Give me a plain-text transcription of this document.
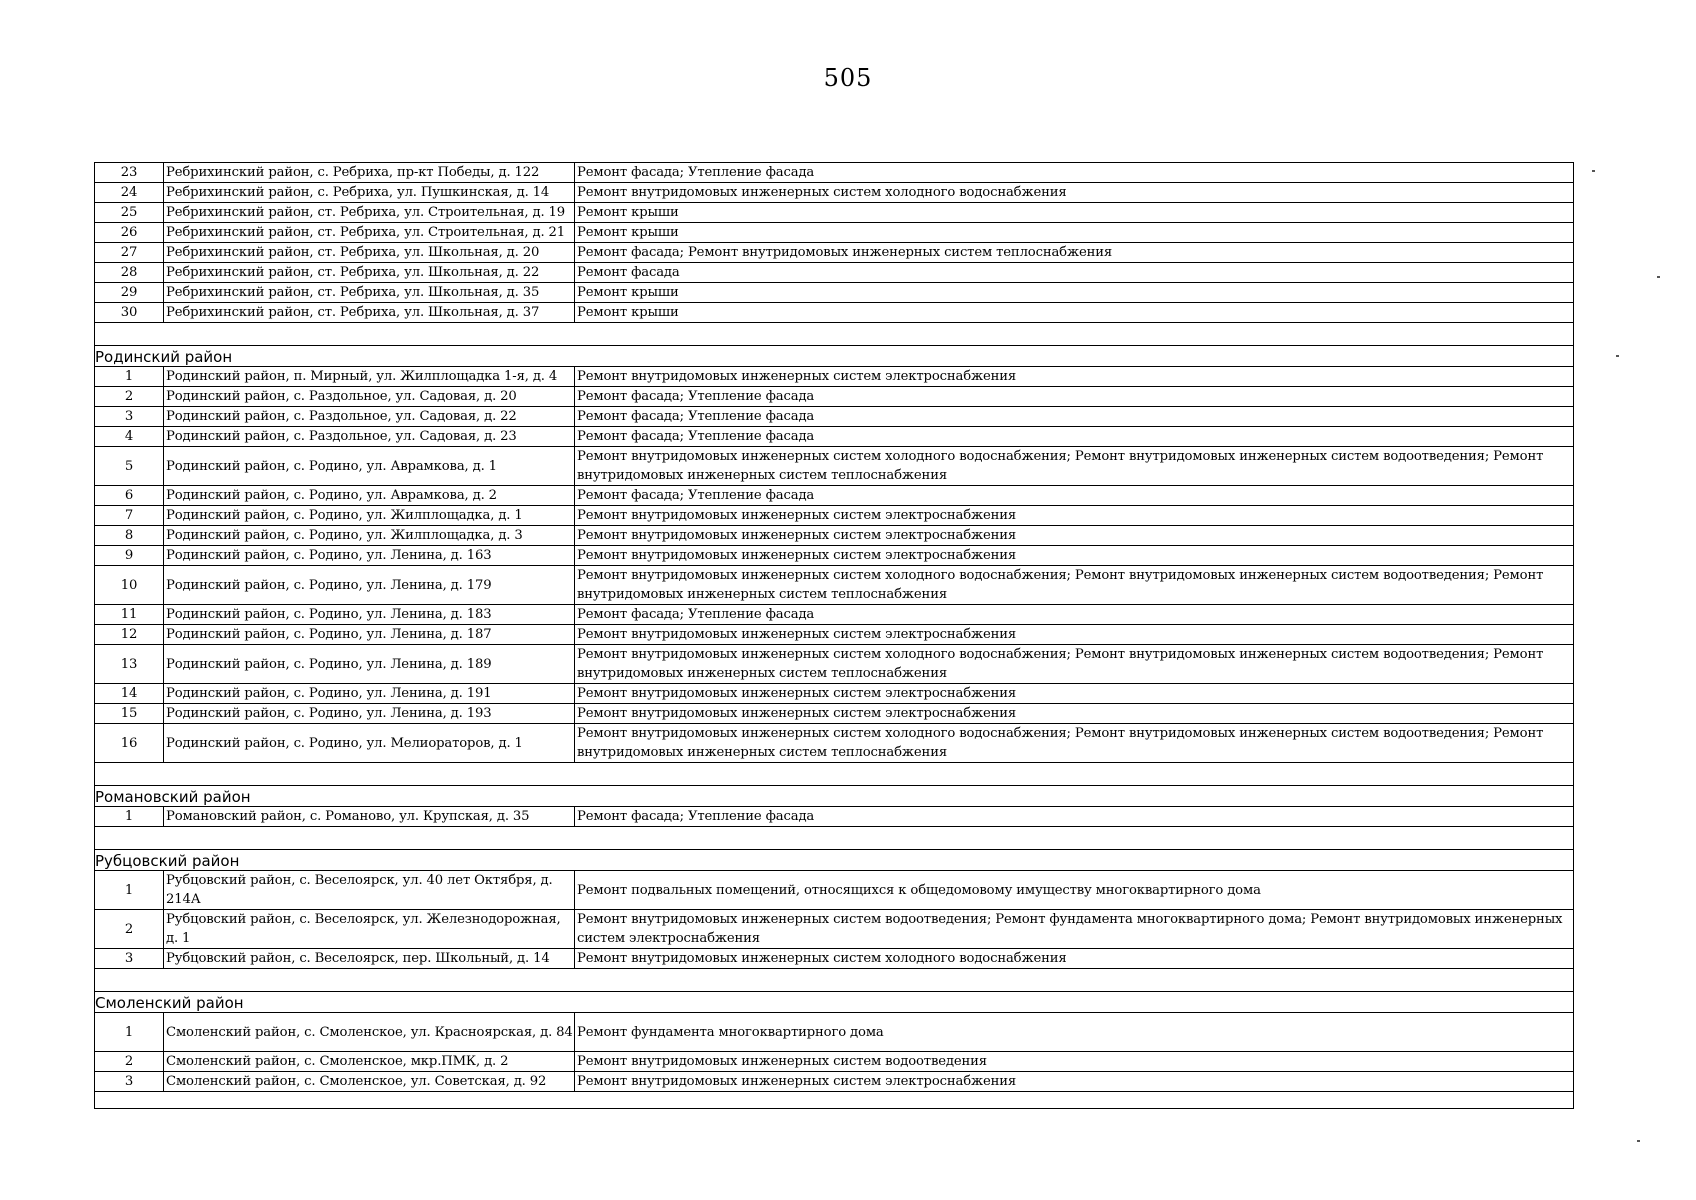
505
23 Ребрихинский район, с. Ребриха, пр-кт Победы, д. 122	Ремонт фасада; Утепление фасада
24 Ребрихинский район, с. Ребриха, ул. Пушкинская, д. 14 Ремонт внутридомовых инженерных систем холодного водоснабжения
25 Ребрихинский район, ст. Ребриха, ул. Строительная, д. 19 Ремонт крыши
26 Ребрихинский район, ст. Ребриха, ул. Строительная, д. 21 Ремонт крыши
27 Ребрихинский район, ст. Ребриха, ул. Школьная, д. 20	Ремонт фасада; Ремонт внутридомовых инженерных систем теплоснабжения
28 Ребрихинский район, ст. Ребриха, ул. Школьная, д. 22	Ремонт фасада
29 Ребрихинский район, ст. Ребриха, ул. Школьная, д. 35	Ремонт крыши
30 Ребрихинский район, ст. Ребриха, ул. Школьная, д. 37	Ремонт крыши
Родинский район
1 Родинский район, п. Мирный, ул. Жилплощадка 1-я, д. 4 Ремонт внутридомовых инженерных систем электроснабжения
2 Родинский район, с. Раздольное, ул. Садовая, д. 20	Ремонт фасада; Утепление фасада
3 Родинский район, с. Раздольное, ул. Садовая, д. 22	Ремонт фасада; Утепление фасада
4 Родинский район, с. Раздольное, ул. Садовая, д. 23	Ремонт фасада; Утепление фасада
5 Родинский район, с. Родино, ул. Аврамкова, д. 1
Ремонт внутридомовых инженерных систем холодного водоснабжения; Ремонт внутридомовых инженерных систем водоотведения; Ремонт внутридомовых инженерных систем теплоснабжения
6 Родинский район, с. Родино, ул. Аврамкова, д. 2	Ремонт фасада; Утепление фасада
7 Родинский район, с. Родино, ул. Жилплощадка, д. 1	Ремонт внутридомовых инженерных систем электроснабжения
8 Родинский район, с. Родино, ул. Жилплощадка, д. 3	Ремонт внутридомовых инженерных систем электроснабжения
9 Родинский район, с. Родино, ул. Ленина, д. 163	Ремонт внутридомовых инженерных систем электроснабжения
10 Родинский район, с. Родино, ул. Ленина, д. 179
Ремонт внутридомовых инженерных систем холодного водоснабжения; Ремонт внутридомовых инженерных систем водоотведения; Ремонт внутридомовых инженерных систем теплоснабжения
11 Родинский район, с. Родино, ул. Ленина, д. 183	Ремонт фасада; Утепление фасада
12 Родинский район, с. Родино, ул. Ленина, д. 187	Ремонт внутридомовых инженерных систем электроснабжения
13 Родинский район, с. Родино, ул. Ленина, д. 189
Ремонт внутридомовых инженерных систем холодного водоснабжения; Ремонт внутридомовых инженерных систем водоотведения; Ремонт внутридомовых инженерных систем теплоснабжения
14 Родинский район, с. Родино, ул. Ленина, д. 191	Ремонт внутридомовых инженерных систем электроснабжения
15 Родинский район, с. Родино, ул. Ленина, д. 193	Ремонт внутридомовых инженерных систем электроснабжения
16 Родинский район, с. Родино, ул. Мелиораторов, д. 1
Ремонт внутридомовых инженерных систем холодного водоснабжения; Ремонт внутридомовых инженерных систем водоотведения; Ремонт внутридомовых инженерных систем теплоснабжения
Романовский район
1 Романовский район, с. Романово, ул. Крупская, д. 35	Ремонт фасада; Утепление фасада
Рубцовский район
1
Рубцовский район, с. Веселоярск, ул. 40 лет Октября, д. 214А
Ремонт подвальных помещений, относящихся к общедомовому имуществу многоквартирного дома
2
Рубцовский район, с. Веселоярск, ул. Железнодорожная, д. 1
Ремонт внутридомовых инженерных систем водоотведения; Ремонт фундамента многоквартирного дома; Ремонт внутридомовых инженерных систем электроснабжения
3 Рубцовский район, с. Веселоярск, пер. Школьный, д. 14 Ремонт внутридомовых инженерных систем холодного водоснабжения
Смоленский район
1 Смоленский район, с. Смоленское, ул. Красноярская, д. 84 Ремонт фундамента многоквартирного дома
2 Смоленский район, с. Смоленское, мкр.ПМК, д. 2	Ремонт внутридомовых инженерных систем водоотведения
3 Смоленский район, с. Смоленское, ул. Советская, д. 92 Ремонт внутридомовых инженерных систем электроснабжения
